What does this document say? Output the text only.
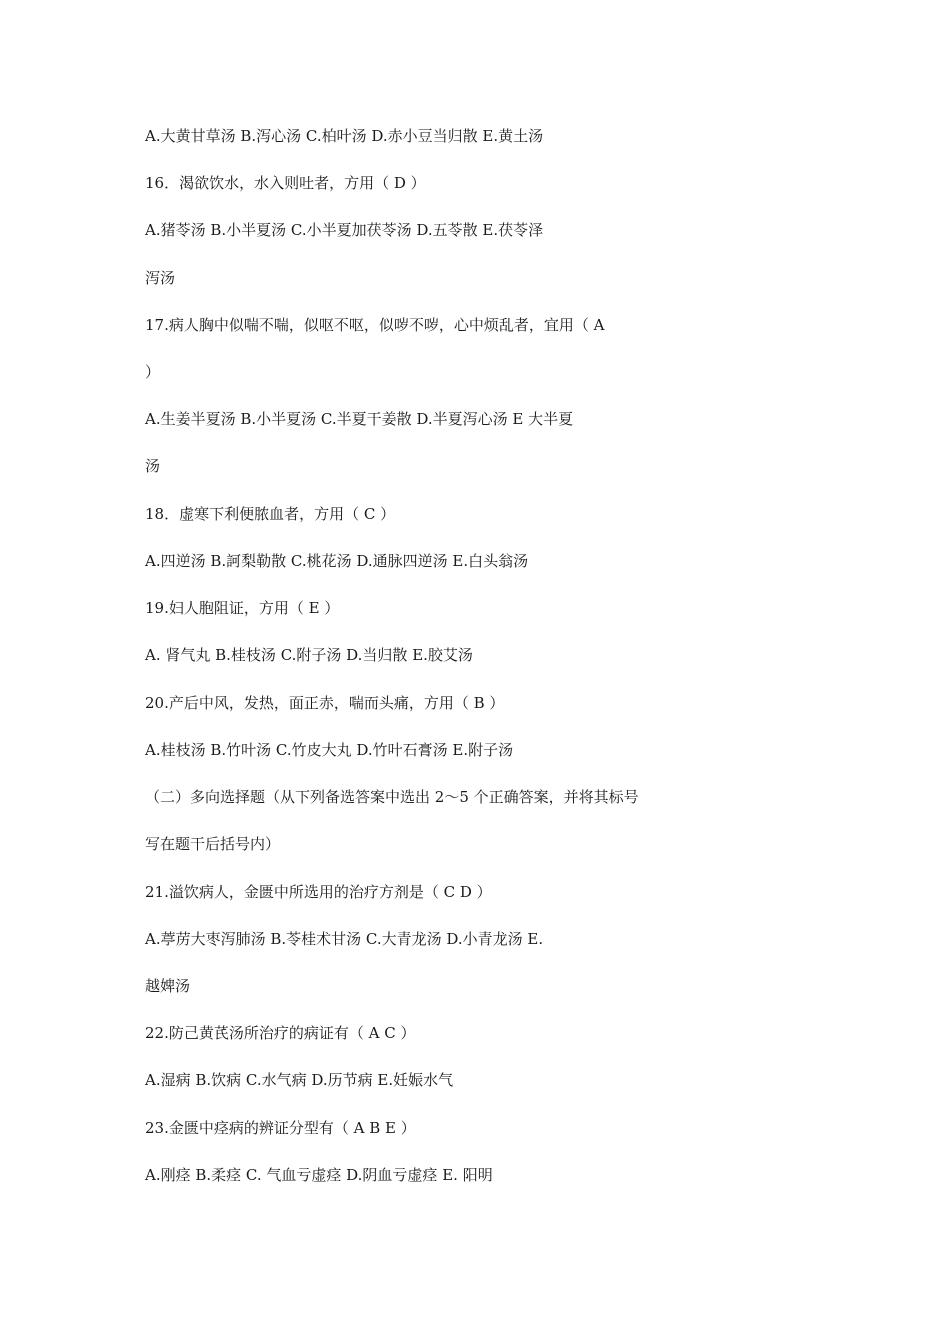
A.大黄甘草汤 B.泻心汤 C.柏叶汤 D.赤小豆当归散 E.黄土汤
16．渴欲饮水，水入则吐者，方用（ D ）
A.猪苓汤 B.小半夏汤 C.小半夏加茯苓汤 D.五苓散 E.茯苓泽
泻汤
17.病人胸中似喘不喘，似呕不呕，似哕不哕，心中烦乱者，宜用（ A
）
A.生姜半夏汤 B.小半夏汤 C.半夏干姜散 D.半夏泻心汤 E 大半夏
汤
18．虚寒下利便脓血者，方用（ C ）
A.四逆汤 B.訶梨勒散 C.桃花汤 D.通脉四逆汤 E.白头翁汤
19.妇人胞阻证，方用（ E ）
A. 肾气丸 B.桂枝汤 C.附子汤 D.当归散 E.胶艾汤
20.产后中风，发热，面正赤，喘而头痛，方用（ B ）
A.桂枝汤 B.竹叶汤 C.竹皮大丸 D.竹叶石膏汤 E.附子汤
（二）多向选择题（从下列备选答案中选出 2～5 个正确答案，并将其标号
写在题干后括号内）
21.溢饮病人，金匮中所选用的治疗方剂是（ C D ）
A.葶苈大枣泻肺汤 B.苓桂术甘汤 C.大青龙汤 D.小青龙汤 E.
越婢汤
22.防己黄芪汤所治疗的病证有（ A C ）
A.湿病 B.饮病 C.水气病 D.历节病 E.妊娠水气
23.金匮中痉病的辨证分型有（ A B E ）
A.刚痉 B.柔痉 C. 气血亏虚痉 D.阴血亏虚痉 E. 阳明
